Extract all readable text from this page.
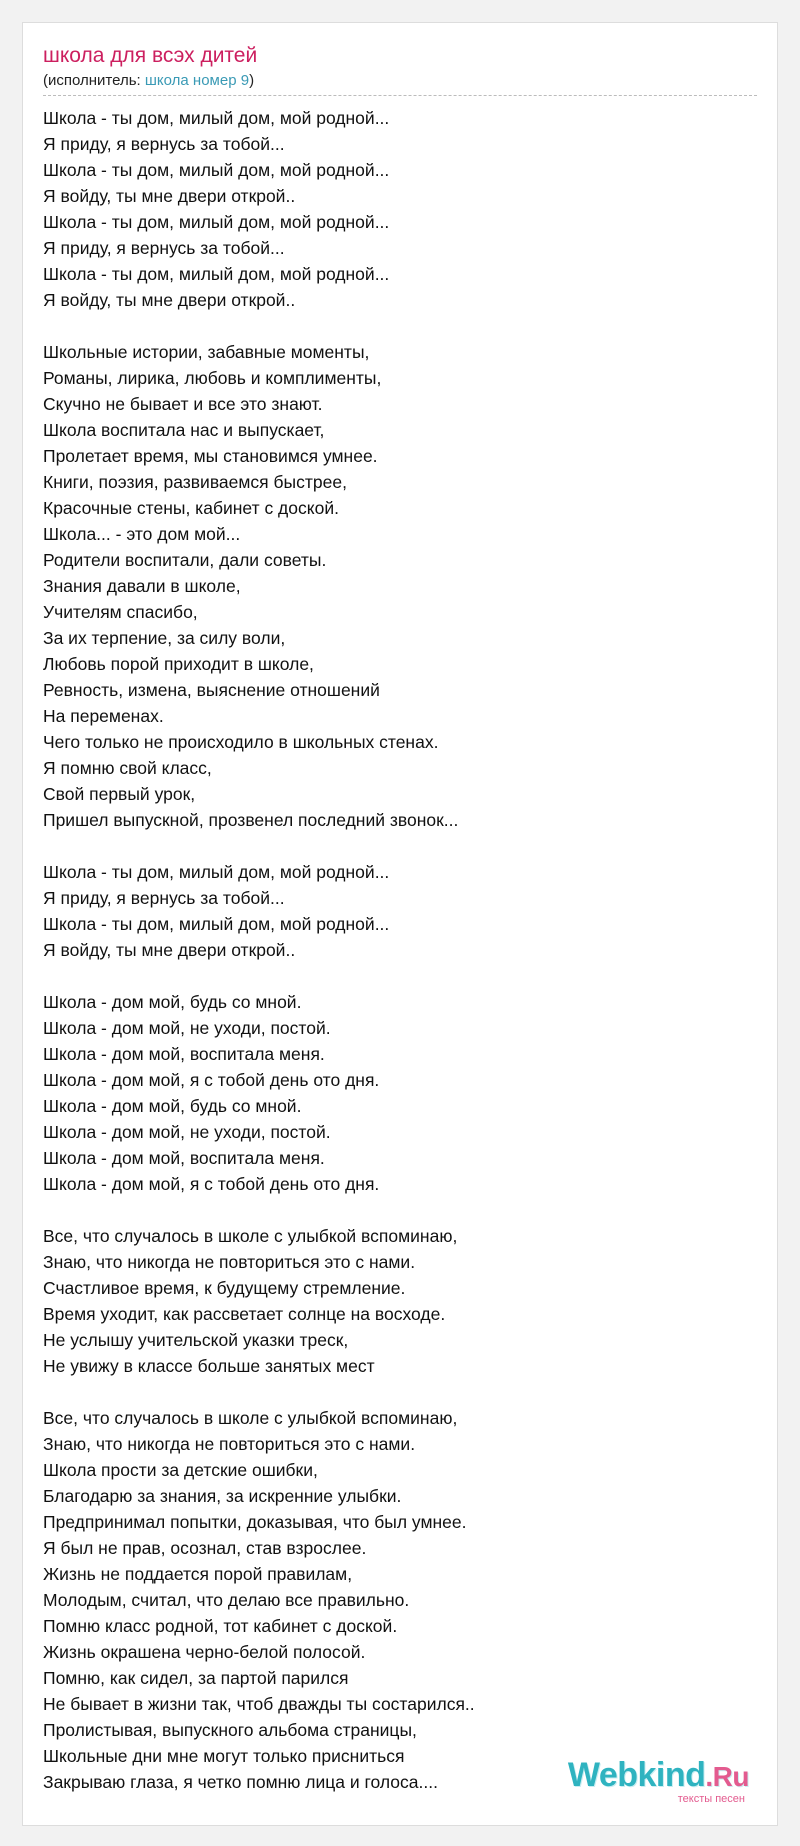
школа для всэх дитей
(исполнитель: школа номер 9)
Школа - ты дом, милый дом, мой родной...
Я приду, я вернусь за тобой...
Школа - ты дом, милый дом, мой родной...
Я войду, ты мне двери открой..
Школа - ты дом, милый дом, мой родной...
Я приду, я вернусь за тобой...
Школа - ты дом, милый дом, мой родной...
Я войду, ты мне двери открой..
Школьные истории, забавные моменты,
Романы, лирика, любовь и комплименты,
Скучно не бывает и все это знают.
Школа воспитала нас и выпускает,
Пролетает время, мы становимся умнее.
Книги, поэзия, развиваемся быстрее,
Красочные стены, кабинет с доской.
Школа... - это дом мой...
Родители воспитали, дали советы.
Знания давали в школе,
Учителям спасибо,
За их терпение, за силу воли,
Любовь порой приходит в школе,
Ревность, измена, выяснение отношений
На переменах.
Чего только не происходило в школьных стенах.
Я помню свой класс,
Свой первый урок,
Пришел выпускной, прозвенел последний звонок...
Школа - ты дом, милый дом, мой родной...
Я приду, я вернусь за тобой...
Школа - ты дом, милый дом, мой родной...
Я войду, ты мне двери открой..
Школа - дом мой, будь со мной.
Школа - дом мой, не уходи, постой.
Школа - дом мой, воспитала меня.
Школа - дом мой, я с тобой день ото дня.
Школа - дом мой, будь со мной.
Школа - дом мой, не уходи, постой.
Школа - дом мой, воспитала меня.
Школа - дом мой, я с тобой день ото дня.
Все, что случалось в школе с улыбкой вспоминаю,
Знаю, что никогда не повториться это с нами.
Счастливое время, к будущему стремление.
Время уходит, как рассветает солнце на восходе.
Не услышу учительской указки треск,
Не увижу в классе больше занятых мест
Все, что случалось в школе с улыбкой вспоминаю,
Знаю, что никогда не повториться это с нами.
Школа прости за детские ошибки,
Благодарю за знания, за искренние улыбки.
Предпринимал попытки, доказывая, что был умнее.
Я был не прав, осознал, став взрослее.
Жизнь не поддается порой правилам,
Молодым, считал, что делаю все правильно.
Помню класс родной, тот кабинет с доской.
Жизнь окрашена черно-белой полосой.
Помню, как сидел, за партой парился
Не бывает в жизни так, чтоб дважды ты состарился..
Пролистывая, выпускного альбома страницы,
Школьные дни мне могут только присниться
Закрываю глаза, я четко помню лица и голоса....	Webkind.Ru
тексты песен
